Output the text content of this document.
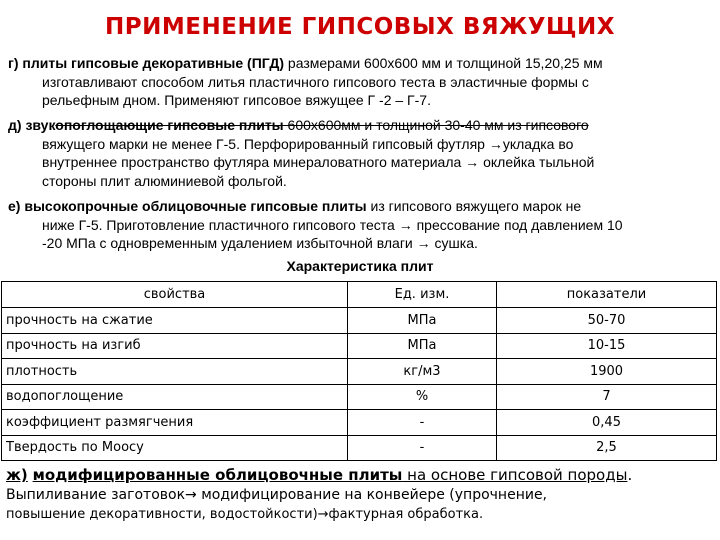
ПРИМЕНЕНИЕ ГИПСОВЫХ ВЯЖУЩИХ
г) плиты гипсовые декоративные (ПГД) размерами 600х600 мм и толщиной 15,20,25 мм
изготавливают способом литья пластичного гипсового теста в эластичные формы с
рельефным дном. Применяют гипсовое вяжущее Г -2 – Г-7.
д) звукопоглощающие гипсовые плиты 600х600мм и толщиной 30-40 мм из гипсового
вяжущего марки не менее Г-5. Перфорированный гипсовый футляр →укладка во
внутреннее пространство футляра минераловатного материала → оклейка тыльной
стороны плит алюминиевой фольгой.
е) высокопрочные облицовочные гипсовые плиты из гипсового вяжущего марок не
ниже Г-5. Приготовление пластичного гипсового теста → прессование под давлением 10
-20 МПа с одновременным удалением избыточной влаги → сушка.
Характеристика плит
свойства	Ед. изм.	показатели
прочность на сжатие	МПа	50-70
прочность на изгиб	МПа	10-15
плотность	кг/м3	1900
водопоглощение	%	7
коэффициент размягчения	-	0,45
Твердость по Моосу	-	2,5
ж) модифицированные облицовочные плиты на основе гипсовой породы.
Выпиливание заготовок→ модифицирование на конвейере (упрочнение,
повышение декоративности, водостойкости)→фактурная обработка.
